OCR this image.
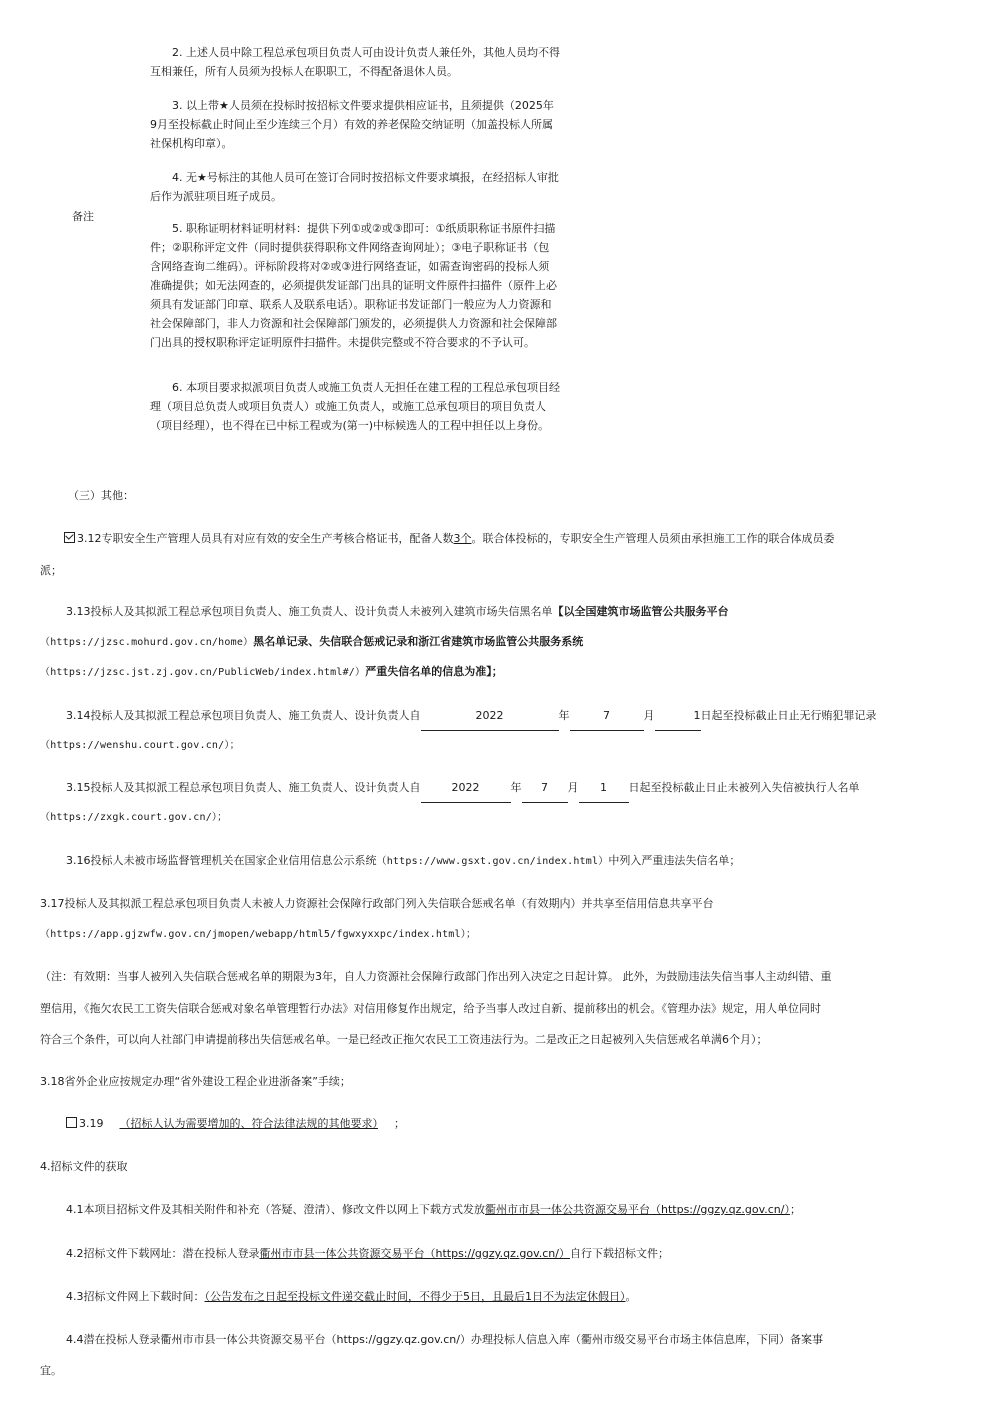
备注
2. 上述人员中除工程总承包项目负责人可由设计负责人兼任外，其他人员均不得互相兼任，所有人员须为投标人在职职工，不得配备退休人员。
3. 以上带★人员须在投标时按招标文件要求提供相应证书，且须提供（2025年9月至投标截止时间止至少连续三个月）有效的养老保险交纳证明（加盖投标人所属社保机构印章）。
4. 无★号标注的其他人员可在签订合同时按招标文件要求填报，在经招标人审批后作为派驻项目班子成员。
5. 职称证明材料证明材料：提供下列①或②或③即可：①纸质职称证书原件扫描件；②职称评定文件（同时提供获得职称文件网络查询网址）；③电子职称证书（包含网络查询二维码）。评标阶段将对②或③进行网络查证，如需查询密码的投标人须准确提供；如无法网查的，必须提供发证部门出具的证明文件原件扫描件（原件上必须具有发证部门印章、联系人及联系电话）。职称证书发证部门一般应为人力资源和社会保障部门，非人力资源和社会保障部门颁发的，必须提供人力资源和社会保障部门出具的授权职称评定证明原件扫描件。未提供完整或不符合要求的不予认可。
6. 本项目要求拟派项目负责人或施工负责人无担任在建工程的工程总承包项目经理（项目总负责人或项目负责人）或施工负责人，或施工总承包项目的项目负责人（项目经理），也不得在已中标工程或为(第一)中标候选人的工程中担任以上身份。
（三）其他：
3.12专职安全生产管理人员具有对应有效的安全生产考核合格证书，配备人数3个。联合体投标的，专职安全生产管理人员须由承担施工工作的联合体成员委
派；
3.13投标人及其拟派工程总承包项目负责人、施工负责人、设计负责人未被列入建筑市场失信黑名单【以全国建筑市场监管公共服务平台
（https://jzsc.mohurd.gov.cn/home）黑名单记录、失信联合惩戒记录和浙江省建筑市场监管公共服务系统
（https://jzsc.jst.zj.gov.cn/PublicWeb/index.html#/）严重失信名单的信息为准】；
3.14投标人及其拟派工程总承包项目负责人、施工负责人、设计负责人自	2022	年	7	月	1日起至投标截止日止无行贿犯罪记录
（https://wenshu.court.gov.cn/）；
3.15投标人及其拟派工程总承包项目负责人、施工负责人、设计负责人自	2022	年 7 月 1 日起至投标截止日止未被列入失信被执行人名单
（https://zxgk.court.gov.cn/）；
3.16投标人未被市场监督管理机关在国家企业信用信息公示系统（https://www.gsxt.gov.cn/index.html）中列入严重违法失信名单；
3.17投标人及其拟派工程总承包项目负责人未被人力资源社会保障行政部门列入失信联合惩戒名单（有效期内）并共享至信用信息共享平台
（https://app.gjzwfw.gov.cn/jmopen/webapp/html5/fgwxyxxpc/index.html）；
（注：有效期：当事人被列入失信联合惩戒名单的期限为3年，自人力资源社会保障行政部门作出列入决定之日起计算。 此外，为鼓励违法失信当事人主动纠错、重
塑信用，《拖欠农民工工资失信联合惩戒对象名单管理暂行办法》对信用修复作出规定，给予当事人改过自新、提前移出的机会。《管理办法》规定，用人单位同时
符合三个条件，可以向人社部门申请提前移出失信惩戒名单。一是已经改正拖欠农民工工资违法行为。二是改正之日起被列入失信惩戒名单满6个月）；
3.18省外企业应按规定办理“省外建设工程企业进浙备案”手续；
3.19 （招标人认为需要增加的、符合法律法规的其他要求） ；
4.招标文件的获取
4.1本项目招标文件及其相关附件和补充（答疑、澄清）、修改文件以网上下载方式发放衢州市市县一体公共资源交易平台（https://ggzy.qz.gov.cn/）；
4.2招标文件下载网址：潜在投标人登录衢州市市县一体公共资源交易平台（https://ggzy.qz.gov.cn/）自行下载招标文件；
4.3招标文件网上下载时间：（公告发布之日起至投标文件递交截止时间，不得少于5日，且最后1日不为法定休假日）。
4.4潜在投标人登录衢州市市县一体公共资源交易平台（https://ggzy.qz.gov.cn/）办理投标人信息入库（衢州市级交易平台市场主体信息库，下同）备案事
宜。
